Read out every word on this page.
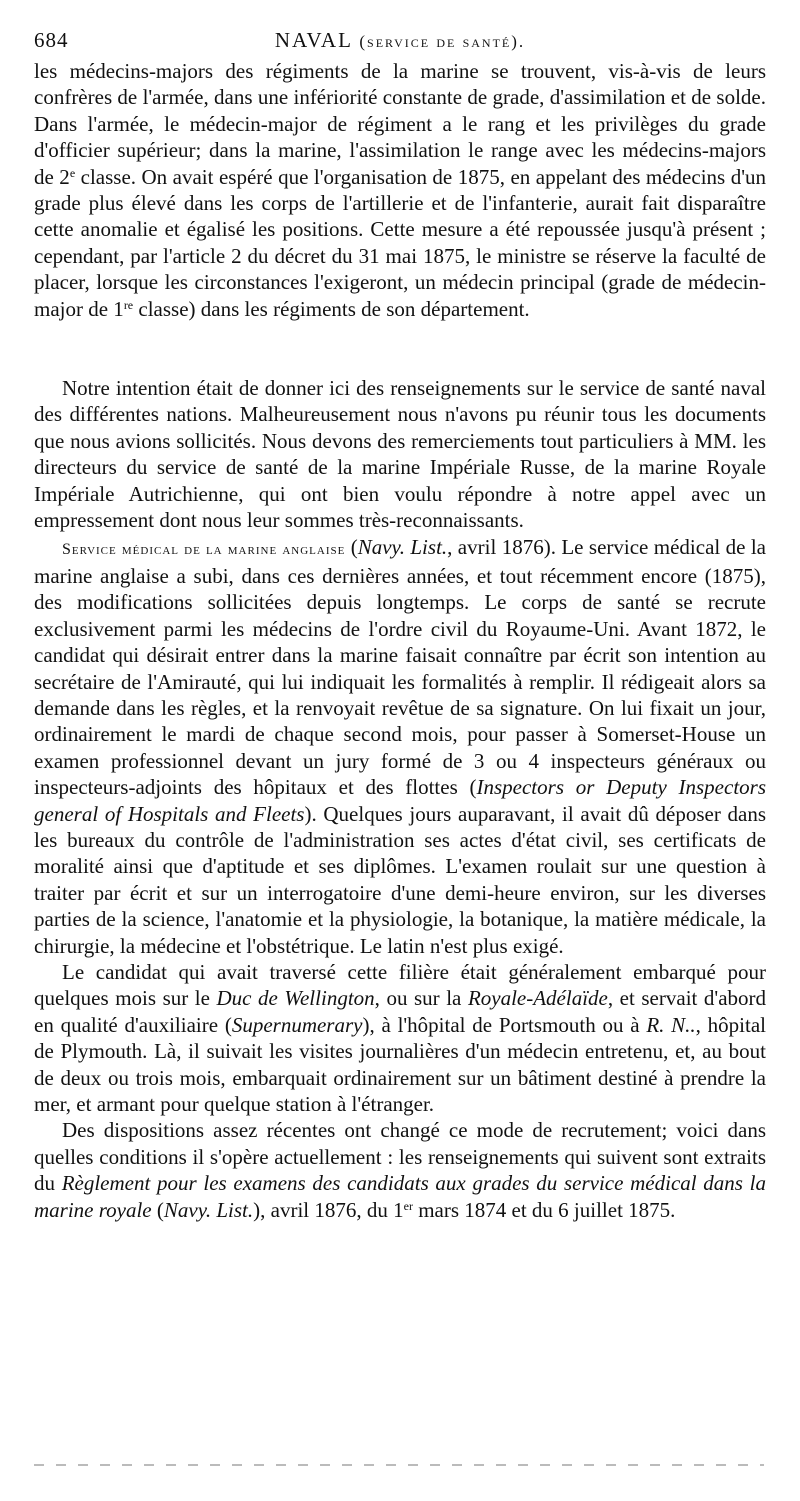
684	NAVAL (service de santé).

les médecins-majors des régiments de la marine se trouvent, vis-à-vis de leurs confrères de l'armée, dans une infériorité constante de grade, d'assimilation et de solde. Dans l'armée, le médecin-major de régiment a le rang et les privilèges du grade d'officier supérieur; dans la marine, l'assimilation le range avec les médecins-majors de 2e classe. On avait espéré que l'organisation de 1875, en appelant des médecins d'un grade plus élevé dans les corps de l'artillerie et de l'infanterie, aurait fait disparaître cette anomalie et égalisé les positions. Cette mesure a été repoussée jusqu'à présent ; cependant, par l'article 2 du décret du 31 mai 1875, le ministre se réserve la faculté de placer, lorsque les circonstances l'exigeront, un médecin principal (grade de médecin-major de 1re classe) dans les régiments de son département.

Notre intention était de donner ici des renseignements sur le service de santé naval des différentes nations. Malheureusement nous n'avons pu réunir tous les documents que nous avions sollicités. Nous devons des remerciements tout particuliers à MM. les directeurs du service de santé de la marine Impériale Russe, de la marine Royale Impériale Autrichienne, qui ont bien voulu répondre à notre appel avec un empressement dont nous leur sommes très-reconnaissants.

Service médical de la marine anglaise (Navy. List., avril 1876). Le service médical de la marine anglaise a subi, dans ces dernières années, et tout récemment encore (1875), des modifications sollicitées depuis longtemps. Le corps de santé se recrute exclusivement parmi les médecins de l'ordre civil du Royaume-Uni. Avant 1872, le candidat qui désirait entrer dans la marine faisait connaître par écrit son intention au secrétaire de l'Amirauté, qui lui indiquait les formalités à remplir. Il rédigeait alors sa demande dans les règles, et la renvoyait revêtue de sa signature. On lui fixait un jour, ordinairement le mardi de chaque second mois, pour passer à Somerset-House un examen professionnel devant un jury formé de 3 ou 4 inspecteurs généraux ou inspecteurs-adjoints des hôpitaux et des flottes (Inspectors or Deputy Inspectors general of Hospitals and Fleets). Quelques jours auparavant, il avait dû déposer dans les bureaux du contrôle de l'administration ses actes d'état civil, ses certificats de moralité ainsi que d'aptitude et ses diplômes. L'examen roulait sur une question à traiter par écrit et sur un interrogatoire d'une demi-heure environ, sur les diverses parties de la science, l'anatomie et la physiologie, la botanique, la matière médicale, la chirurgie, la médecine et l'obstétrique. Le latin n'est plus exigé.

Le candidat qui avait traversé cette filière était généralement embarqué pour quelques mois sur le Duc de Wellington, ou sur la Royale-Adélaïde, et servait d'abord en qualité d'auxiliaire (Supernumerary), à l'hôpital de Portsmouth ou à R. N.., hôpital de Plymouth. Là, il suivait les visites journalières d'un médecin entretenu, et, au bout de deux ou trois mois, embarquait ordinairement sur un bâtiment destiné à prendre la mer, et armant pour quelque station à l'étranger.

Des dispositions assez récentes ont changé ce mode de recrutement; voici dans quelles conditions il s'opère actuellement : les renseignements qui suivent sont extraits du Règlement pour les examens des candidats aux grades du service médical dans la marine royale (Navy. List.), avril 1876, du 1er mars 1874 et du 6 juillet 1875.
